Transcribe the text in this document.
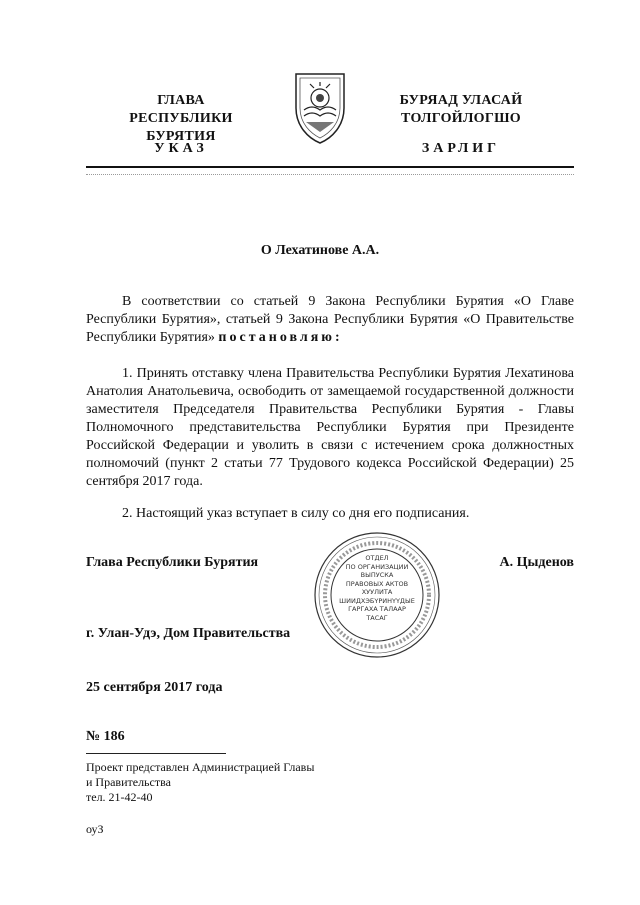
ГЛАВА
РЕСПУБЛИКИ БУРЯТИЯ
БУРЯАД УЛАСАЙ
ТОЛГОЙЛОГШО
УКАЗ	ЗАРЛИГ
О Лехатинове А.А.
В соответствии со статьей 9 Закона Республики Бурятия «О Главе Республики Бурятия», статьей 9 Закона Республики Бурятия «О Правительстве Республики Бурятия» постановляю:
1. Принять отставку члена Правительства Республики Бурятия Лехатинова Анатолия Анатольевича, освободить от замещаемой государственной должности заместителя Председателя Правительства Республики Бурятия - Главы Полномочного представительства Республики Бурятия при Президенте Российской Федерации и уволить в связи с истечением срока должностных полномочий (пункт 2 статьи 77 Трудового кодекса Российской Федерации) 25 сентября 2017 года.
2. Настоящий указ вступает в силу со дня его подписания.
Глава Республики Бурятия	А. Цыденов
ОТДЕЛ
ПО ОРГАНИЗАЦИИ
ВЫПУСКА
ПРАВОВЫХ АКТОВ
ХУУЛИТА
ШИИДХЭБҮРИНҮҮДЫЕ
ГАРГАХА ТАЛААР
ТАСАГ
г. Улан-Удэ, Дом Правительства
25 сентября 2017 года
№ 186
Проект представлен Администрацией Главы
и Правительства
тел. 21-42-40
оуЗ
